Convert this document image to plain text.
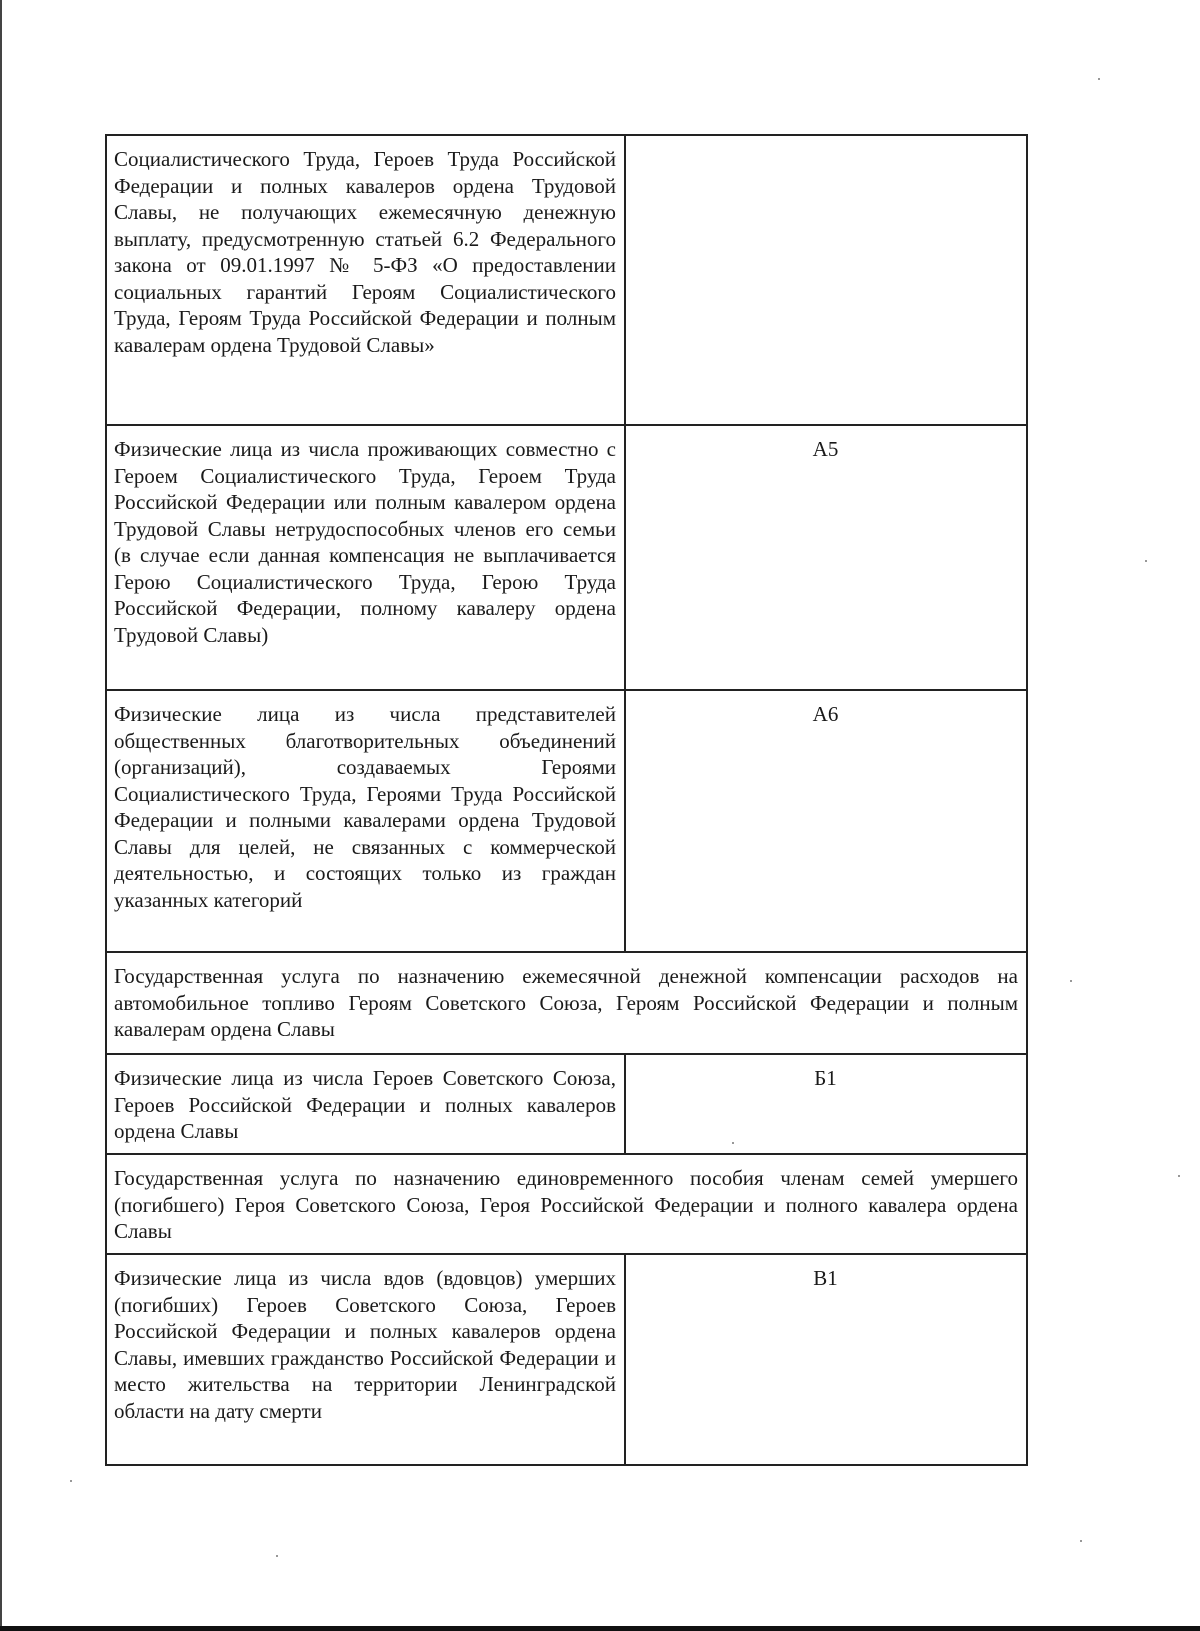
Социалистического Труда, Героев Труда Российской Федерации и полных кавалеров ордена Трудовой Славы, не получающих ежемесячную денежную выплату, предусмотренную статьей 6.2 Федерального закона от 09.01.1997 № 5-ФЗ «О предоставлении социальных гарантий Героям Социалистического Труда, Героям Труда Российской Федерации и полным кавалерам ордена Трудовой Славы»	
Физические лица из числа проживающих совместно с Героем Социалистического Труда, Героем Труда Российской Федерации или полным кавалером ордена Трудовой Славы нетрудоспособных членов его семьи (в случае если данная компенсация не выплачивается Герою Социалистического Труда, Герою Труда Российской Федерации, полному кавалеру ордена Трудовой Славы)	А5
Физические лица из числа представителей общественных благотворительных объединений (организаций), создаваемых Героями Социалистического Труда, Героями Труда Российской Федерации и полными кавалерами ордена Трудовой Славы для целей, не связанных с коммерческой деятельностью, и состоящих только из граждан указанных категорий	А6
Государственная услуга по назначению ежемесячной денежной компенсации расходов на автомобильное топливо Героям Советского Союза, Героям Российской Федерации и полным кавалерам ордена Славы	
Физические лица из числа Героев Советского Союза, Героев Российской Федерации и полных кавалеров ордена Славы	Б1
Государственная услуга по назначению единовременного пособия членам семей умершего (погибшего) Героя Советского Союза, Героя Российской Федерации и полного кавалера ордена Славы	
Физические лица из числа вдов (вдовцов) умерших (погибших) Героев Советского Союза, Героев Российской Федерации и полных кавалеров ордена Славы, имевших гражданство Российской Федерации и место жительства на территории Ленинградской области на дату смерти	В1
